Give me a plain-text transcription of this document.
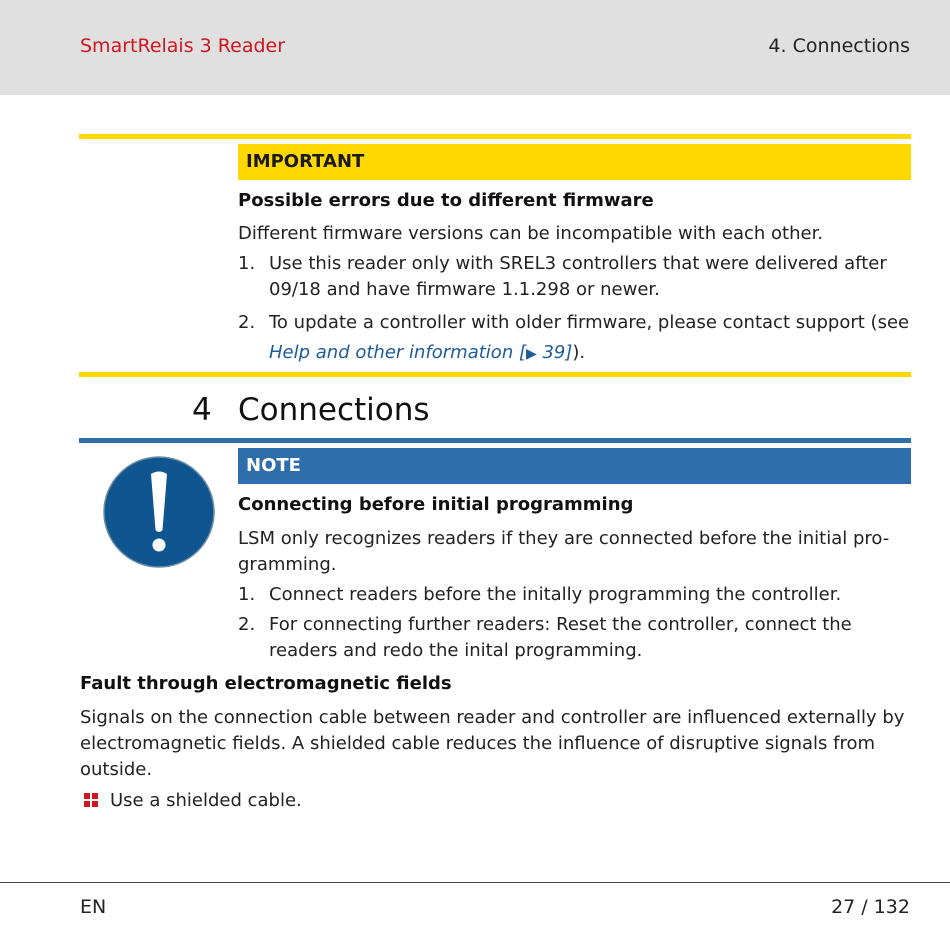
SmartRelais 3 Reader	4. Connections
IMPORTANT
Possible errors due to different firmware
Different firmware versions can be incompatible with each other.
1. Use this reader only with SREL3 controllers that were delivered after 09/18 and have firmware 1.1.298 or newer.
2. To update a controller with older firmware, please contact support (see Help and other information [▶ 39]).
4 Connections
NOTE
Connecting before initial programming
LSM only recognizes readers if they are connected before the initial pro-gramming.
1. Connect readers before the initally programming the controller.
2. For connecting further readers: Reset the controller, connect the readers and redo the inital programming.
Fault through electromagnetic fields
Signals on the connection cable between reader and controller are influenced externally by electromagnetic fields. A shielded cable reduces the influence of disruptive signals from outside.
Use a shielded cable.
EN	27 / 132
